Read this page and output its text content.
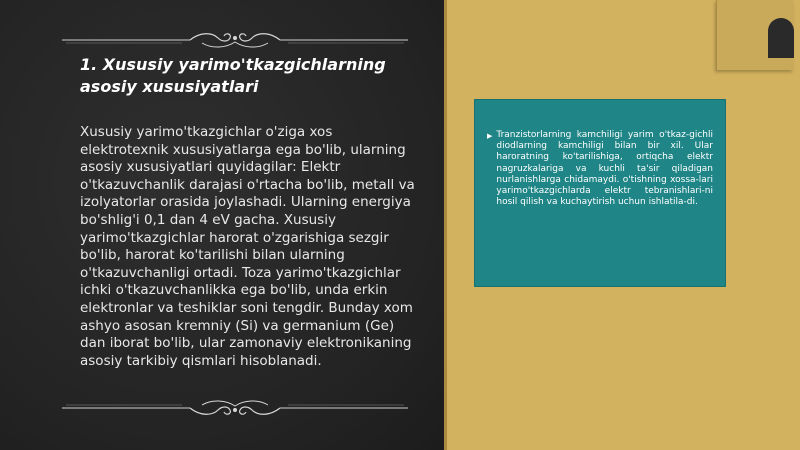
1. Xususiy yarimo'tkazgichlarning asosiy xususiyatlari

Xususiy yarimo'tkazgichlar o'ziga xos elektrotexnik xususiyatlarga ega bo'lib, ularning asosiy xususiyatlari quyidagilar: Elektr o'tkazuvchanlik darajasi o'rtacha bo'lib, metall va izolyatorlar orasida joylashadi. Ularning energiya bo'shlig'i 0,1 dan 4 eV gacha. Xususiy yarimo'tkazgichlar harorat o'zgarishiga sezgir bo'lib, harorat ko'tarilishi bilan ularning o'tkazuvchanligi ortadi. Toza yarimo'tkazgichlar ichki o'tkazuvchanlikka ega bo'lib, unda erkin elektronlar va teshiklar soni tengdir. Bunday xom ashyo asosan kremniy (Si) va germanium (Ge) dan iborat bo'lib, ular zamonaviy elektronikaning asosiy tarkibiy qismlari hisoblanadi.

▶ Tranzistorlarning kamchiligi yarim o'tkaz-gichli diodlarning kamchiligi bilan bir xil. Ular haroratning ko'tarilishiga, ortiqcha elektr nagruzkalariga va kuchli ta'sir qiladigan nurlanishlarga chidamaydi. o'tishning xossa-lari yarimo'tkazgichlarda elektr tebranishlari-ni hosil qilish va kuchaytirish uchun ishlatila-di.
